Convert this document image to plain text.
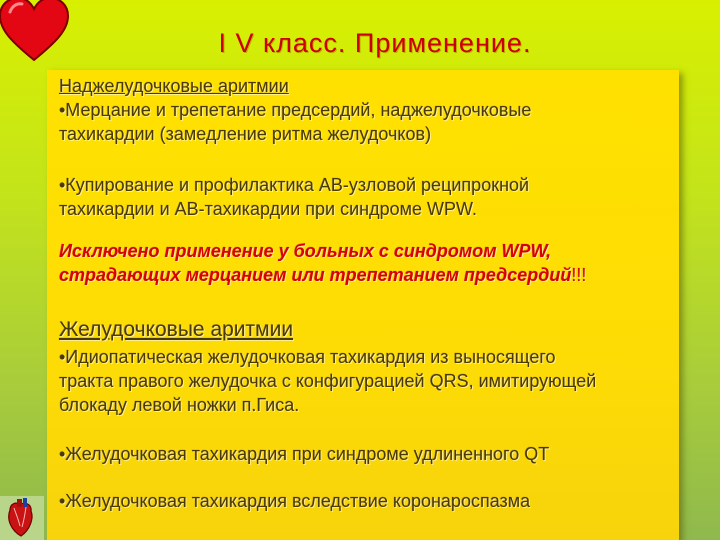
I V класс. Применение.

Наджелудочковые аритмии

•Мерцание и трепетание предсердий, наджелудочковые

тахикардии (замедление ритма желудочков)

•Купирование и профилактика АВ-узловой реципрокной

тахикардии и АВ-тахикардии при синдроме WPW.

Исключено применение у больных с синдромом WPW,

страдающих мерцанием или трепетанием предсердий!!!

Желудочковые аритмии

•Идиопатическая желудочковая тахикардия из выносящего

тракта правого желудочка с конфигурацией QRS, имитирующей

блокаду левой ножки п.Гиса.

•Желудочковая тахикардия при синдроме удлиненного QT

•Желудочковая тахикардия вследствие коронароспазма
